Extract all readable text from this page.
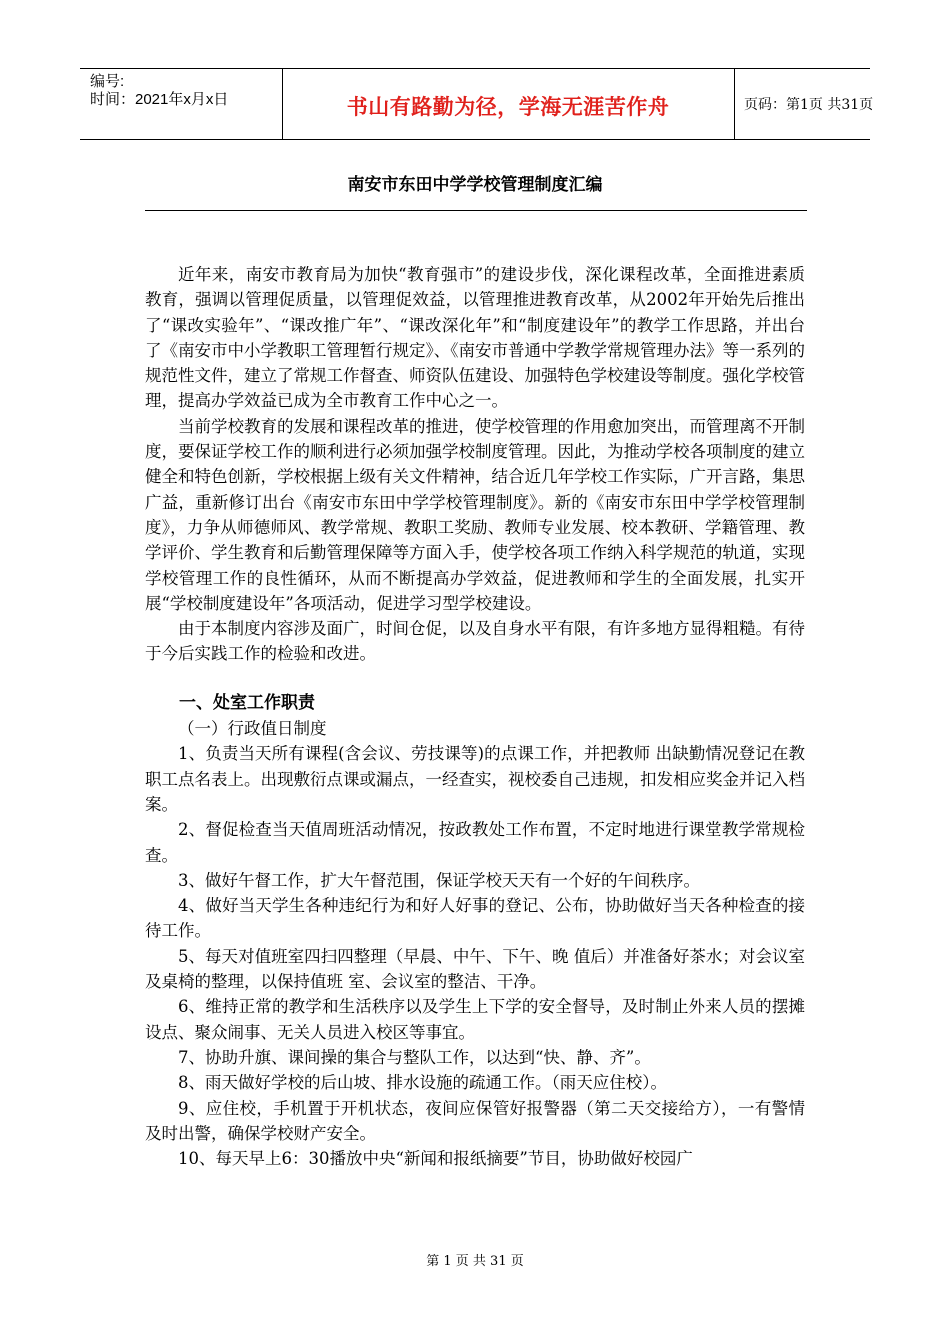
编号:
时间：2021年x月x日	书山有路勤为径，学海无涯苦作舟	页码：第1页 共31页
南安市东田中学学校管理制度汇编

近年来，南安市教育局为加快“教育强市”的建设步伐，深化课程改革，全面推进素质教育，强调以管理促质量，以管理促效益，以管理推进教育改革，从2002年开始先后推出了“课改实验年”、“课改推广年”、“课改深化年”和“制度建设年”的教学工作思路，并出台了《南安市中小学教职工管理暂行规定》、《南安市普通中学教学常规管理办法》等一系列的规范性文件，建立了常规工作督查、师资队伍建设、加强特色学校建设等制度。强化学校管理，提高办学效益已成为全市教育工作中心之一。

当前学校教育的发展和课程改革的推进，使学校管理的作用愈加突出，而管理离不开制度，要保证学校工作的顺利进行必须加强学校制度管理。因此，为推动学校各项制度的建立健全和特色创新，学校根据上级有关文件精神，结合近几年学校工作实际，广开言路，集思广益，重新修订出台《南安市东田中学学校管理制度》。新的《南安市东田中学学校管理制度》，力争从师德师风、教学常规、教职工奖励、教师专业发展、校本教研、学籍管理、教学评价、学生教育和后勤管理保障等方面入手，使学校各项工作纳入科学规范的轨道，实现学校管理工作的良性循环，从而不断提高办学效益，促进教师和学生的全面发展，扎实开展“学校制度建设年”各项活动，促进学习型学校建设。

由于本制度内容涉及面广，时间仓促，以及自身水平有限，有许多地方显得粗糙。有待于今后实践工作的检验和改进。

一、处室工作职责

（一）行政值日制度

1、负责当天所有课程(含会议、劳技课等)的点课工作，并把教师 出缺勤情况登记在教职工点名表上。出现敷衍点课或漏点，一经查实，视校委自己违规，扣发相应奖金并记入档案。

2、督促检查当天值周班活动情况，按政教处工作布置，不定时地进行课堂教学常规检查。

3、做好午督工作，扩大午督范围，保证学校天天有一个好的午间秩序。

4、做好当天学生各种违纪行为和好人好事的登记、公布，协助做好当天各种检查的接待工作。

5、每天对值班室四扫四整理（早晨、中午、下午、晚 值后）并准备好茶水；对会议室及桌椅的整理，以保持值班 室、会议室的整洁、干净。

6、维持正常的教学和生活秩序以及学生上下学的安全督导，及时制止外来人员的摆摊设点、聚众闹事、无关人员进入校区等事宜。

7、协助升旗、课间操的集合与整队工作，以达到“快、静、齐”。

8、雨天做好学校的后山坡、排水设施的疏通工作。（雨天应住校）。

9、应住校，手机置于开机状态，夜间应保管好报警器（第二天交接给方），一有警情及时出警，确保学校财产安全。

10、每天早上6：30播放中央“新闻和报纸摘要”节目，协助做好校园广

第 1 页 共 31 页
